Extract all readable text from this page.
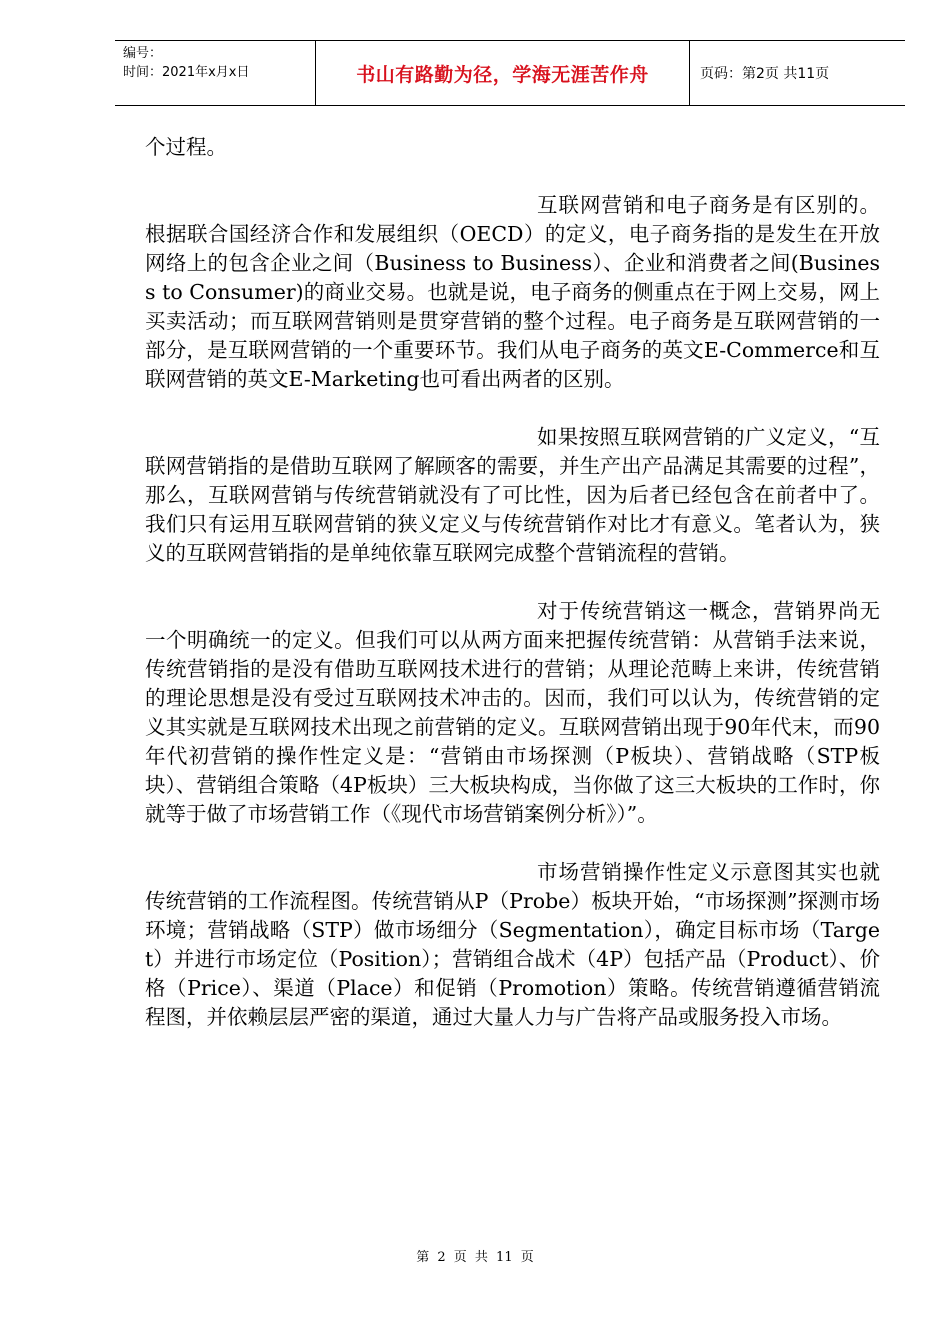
编号：
时间：2021年x月x日	书山有路勤为径，学海无涯苦作舟	页码：第2页 共11页

个过程。

互联网营销和电子商务是有区别的。根据联合国经济合作和发展组织（OECD）的定义，电子商务指的是发生在开放网络上的包含企业之间（Business to Business）、企业和消费者之间(Business to Consumer)的商业交易。也就是说，电子商务的侧重点在于网上交易，网上买卖活动；而互联网营销则是贯穿营销的整个过程。电子商务是互联网营销的一部分，是互联网营销的一个重要环节。我们从电子商务的英文E-Commerce和互联网营销的英文E-Marketing也可看出两者的区别。

如果按照互联网营销的广义定义，“互联网营销指的是借助互联网了解顾客的需要，并生产出产品满足其需要的过程”，那么，互联网营销与传统营销就没有了可比性，因为后者已经包含在前者中了。我们只有运用互联网营销的狭义定义与传统营销作对比才有意义。笔者认为，狭义的互联网营销指的是单纯依靠互联网完成整个营销流程的营销。

对于传统营销这一概念，营销界尚无一个明确统一的定义。但我们可以从两方面来把握传统营销：从营销手法来说，传统营销指的是没有借助互联网技术进行的营销；从理论范畴上来讲，传统营销的理论思想是没有受过互联网技术冲击的。因而，我们可以认为，传统营销的定义其实就是互联网技术出现之前营销的定义。互联网营销出现于90年代末，而90年代初营销的操作性定义是：“营销由市场探测（P板块）、营销战略（STP板块）、营销组合策略（4P板块）三大板块构成，当你做了这三大板块的工作时，你就等于做了市场营销工作（《现代市场营销案例分析》）”。

市场营销操作性定义示意图其实也就传统营销的工作流程图。传统营销从P（Probe）板块开始，“市场探测”探测市场环境；营销战略（STP）做市场细分（Segmentation），确定目标市场（Target）并进行市场定位（Position）；营销组合战术（4P）包括产品（Product）、价格（Price）、渠道（Place）和促销（Promotion）策略。传统营销遵循营销流程图，并依赖层层严密的渠道，通过大量人力与广告将产品或服务投入市场。

第 2 页 共 11 页
